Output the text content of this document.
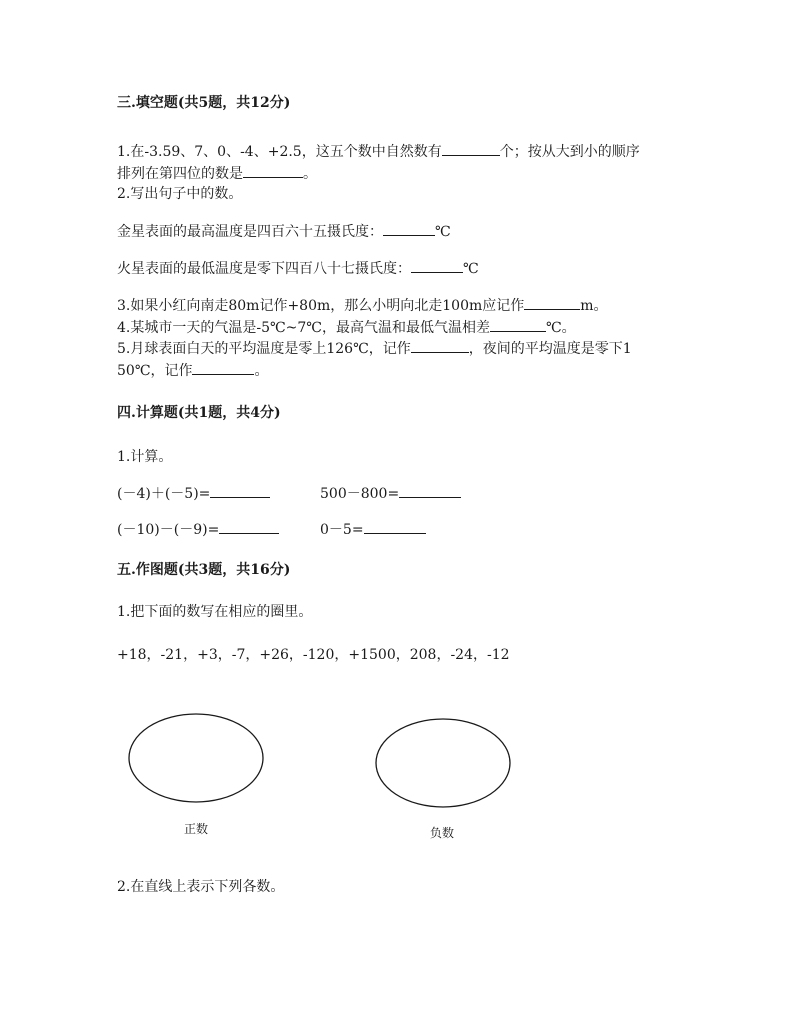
三.填空题(共5题，共12分)
1.在-3.59、7、0、-4、+2.5，这五个数中自然数有	个；按从大到小的顺序
排列在第四位的数是	。
2.写出句子中的数。
金星表面的最高温度是四百六十五摄氏度：	℃
火星表面的最低温度是零下四百八十七摄氏度：	℃
3.如果小红向南走80m记作+80m，那么小明向北走100m应记作	m。
4.某城市一天的气温是-5℃~7℃，最高气温和最低气温相差	℃。
5.月球表面白天的平均温度是零上126℃，记作	，夜间的平均温度是零下1
50℃，记作	。
四.计算题(共1题，共4分)
1.计算。
(－4)＋(－5)=	500－800=
(－10)－(－9)=	0－5=
五.作图题(共3题，共16分)
1.把下面的数写在相应的圈里。
+18，-21，+3，-7，+26，-120，+1500，208，-24，-12
正数	负数
2.在直线上表示下列各数。
